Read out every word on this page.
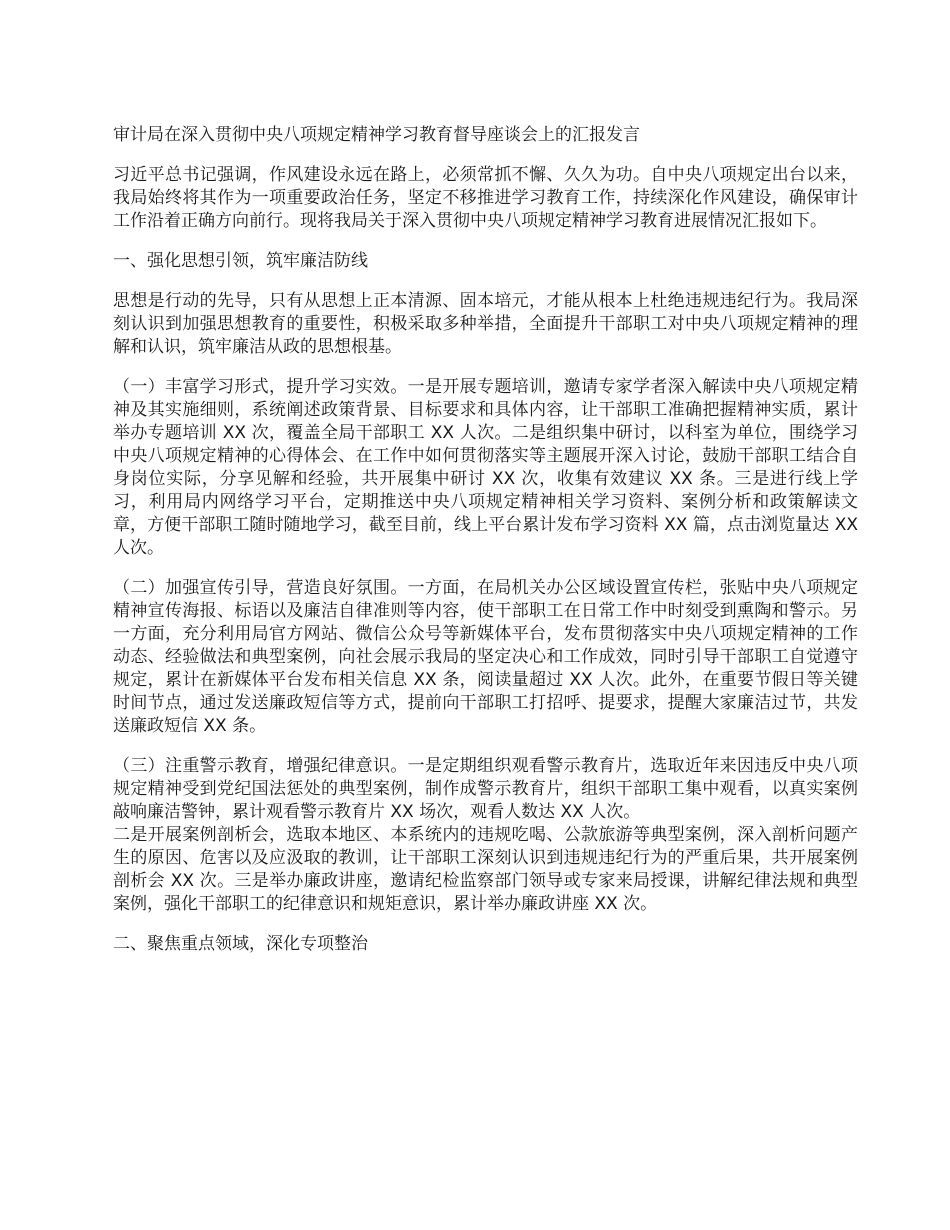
审计局在深入贯彻中央八项规定精神学习教育督导座谈会上的汇报发言
习近平总书记强调，作风建设永远在路上，必须常抓不懈、久久为功。自中央八项规定出台以来，我局始终将其作为一项重要政治任务，坚定不移推进学习教育工作，持续深化作风建设，确保审计工作沿着正确方向前行。现将我局关于深入贯彻中央八项规定精神学习教育进展情况汇报如下。
一、强化思想引领，筑牢廉洁防线
思想是行动的先导，只有从思想上正本清源、固本培元，才能从根本上杜绝违规违纪行为。我局深刻认识到加强思想教育的重要性，积极采取多种举措，全面提升干部职工对中央八项规定精神的理解和认识，筑牢廉洁从政的思想根基。
（一）丰富学习形式，提升学习实效。一是开展专题培训，邀请专家学者深入解读中央八项规定精神及其实施细则，系统阐述政策背景、目标要求和具体内容，让干部职工准确把握精神实质，累计举办专题培训 XX 次，覆盖全局干部职工 XX 人次。二是组织集中研讨，以科室为单位，围绕学习中央八项规定精神的心得体会、在工作中如何贯彻落实等主题展开深入讨论，鼓励干部职工结合自身岗位实际，分享见解和经验，共开展集中研讨 XX 次，收集有效建议 XX 条。三是进行线上学习，利用局内网络学习平台，定期推送中央八项规定精神相关学习资料、案例分析和政策解读文章，方便干部职工随时随地学习，截至目前，线上平台累计发布学习资料 XX 篇，点击浏览量达 XX 人次。
（二）加强宣传引导，营造良好氛围。一方面，在局机关办公区域设置宣传栏，张贴中央八项规定精神宣传海报、标语以及廉洁自律准则等内容，使干部职工在日常工作中时刻受到熏陶和警示。另一方面，充分利用局官方网站、微信公众号等新媒体平台，发布贯彻落实中央八项规定精神的工作动态、经验做法和典型案例，向社会展示我局的坚定决心和工作成效，同时引导干部职工自觉遵守规定，累计在新媒体平台发布相关信息 XX 条，阅读量超过 XX 人次。此外，在重要节假日等关键时间节点，通过发送廉政短信等方式，提前向干部职工打招呼、提要求，提醒大家廉洁过节，共发送廉政短信 XX 条。
（三）注重警示教育，增强纪律意识。一是定期组织观看警示教育片，选取近年来因违反中央八项规定精神受到党纪国法惩处的典型案例，制作成警示教育片，组织干部职工集中观看，以真实案例敲响廉洁警钟，累计观看警示教育片 XX 场次，观看人数达 XX 人次。
二是开展案例剖析会，选取本地区、本系统内的违规吃喝、公款旅游等典型案例，深入剖析问题产生的原因、危害以及应汲取的教训，让干部职工深刻认识到违规违纪行为的严重后果，共开展案例剖析会 XX 次。三是举办廉政讲座，邀请纪检监察部门领导或专家来局授课，讲解纪律法规和典型案例，强化干部职工的纪律意识和规矩意识，累计举办廉政讲座 XX 次。
二、聚焦重点领域，深化专项整治
